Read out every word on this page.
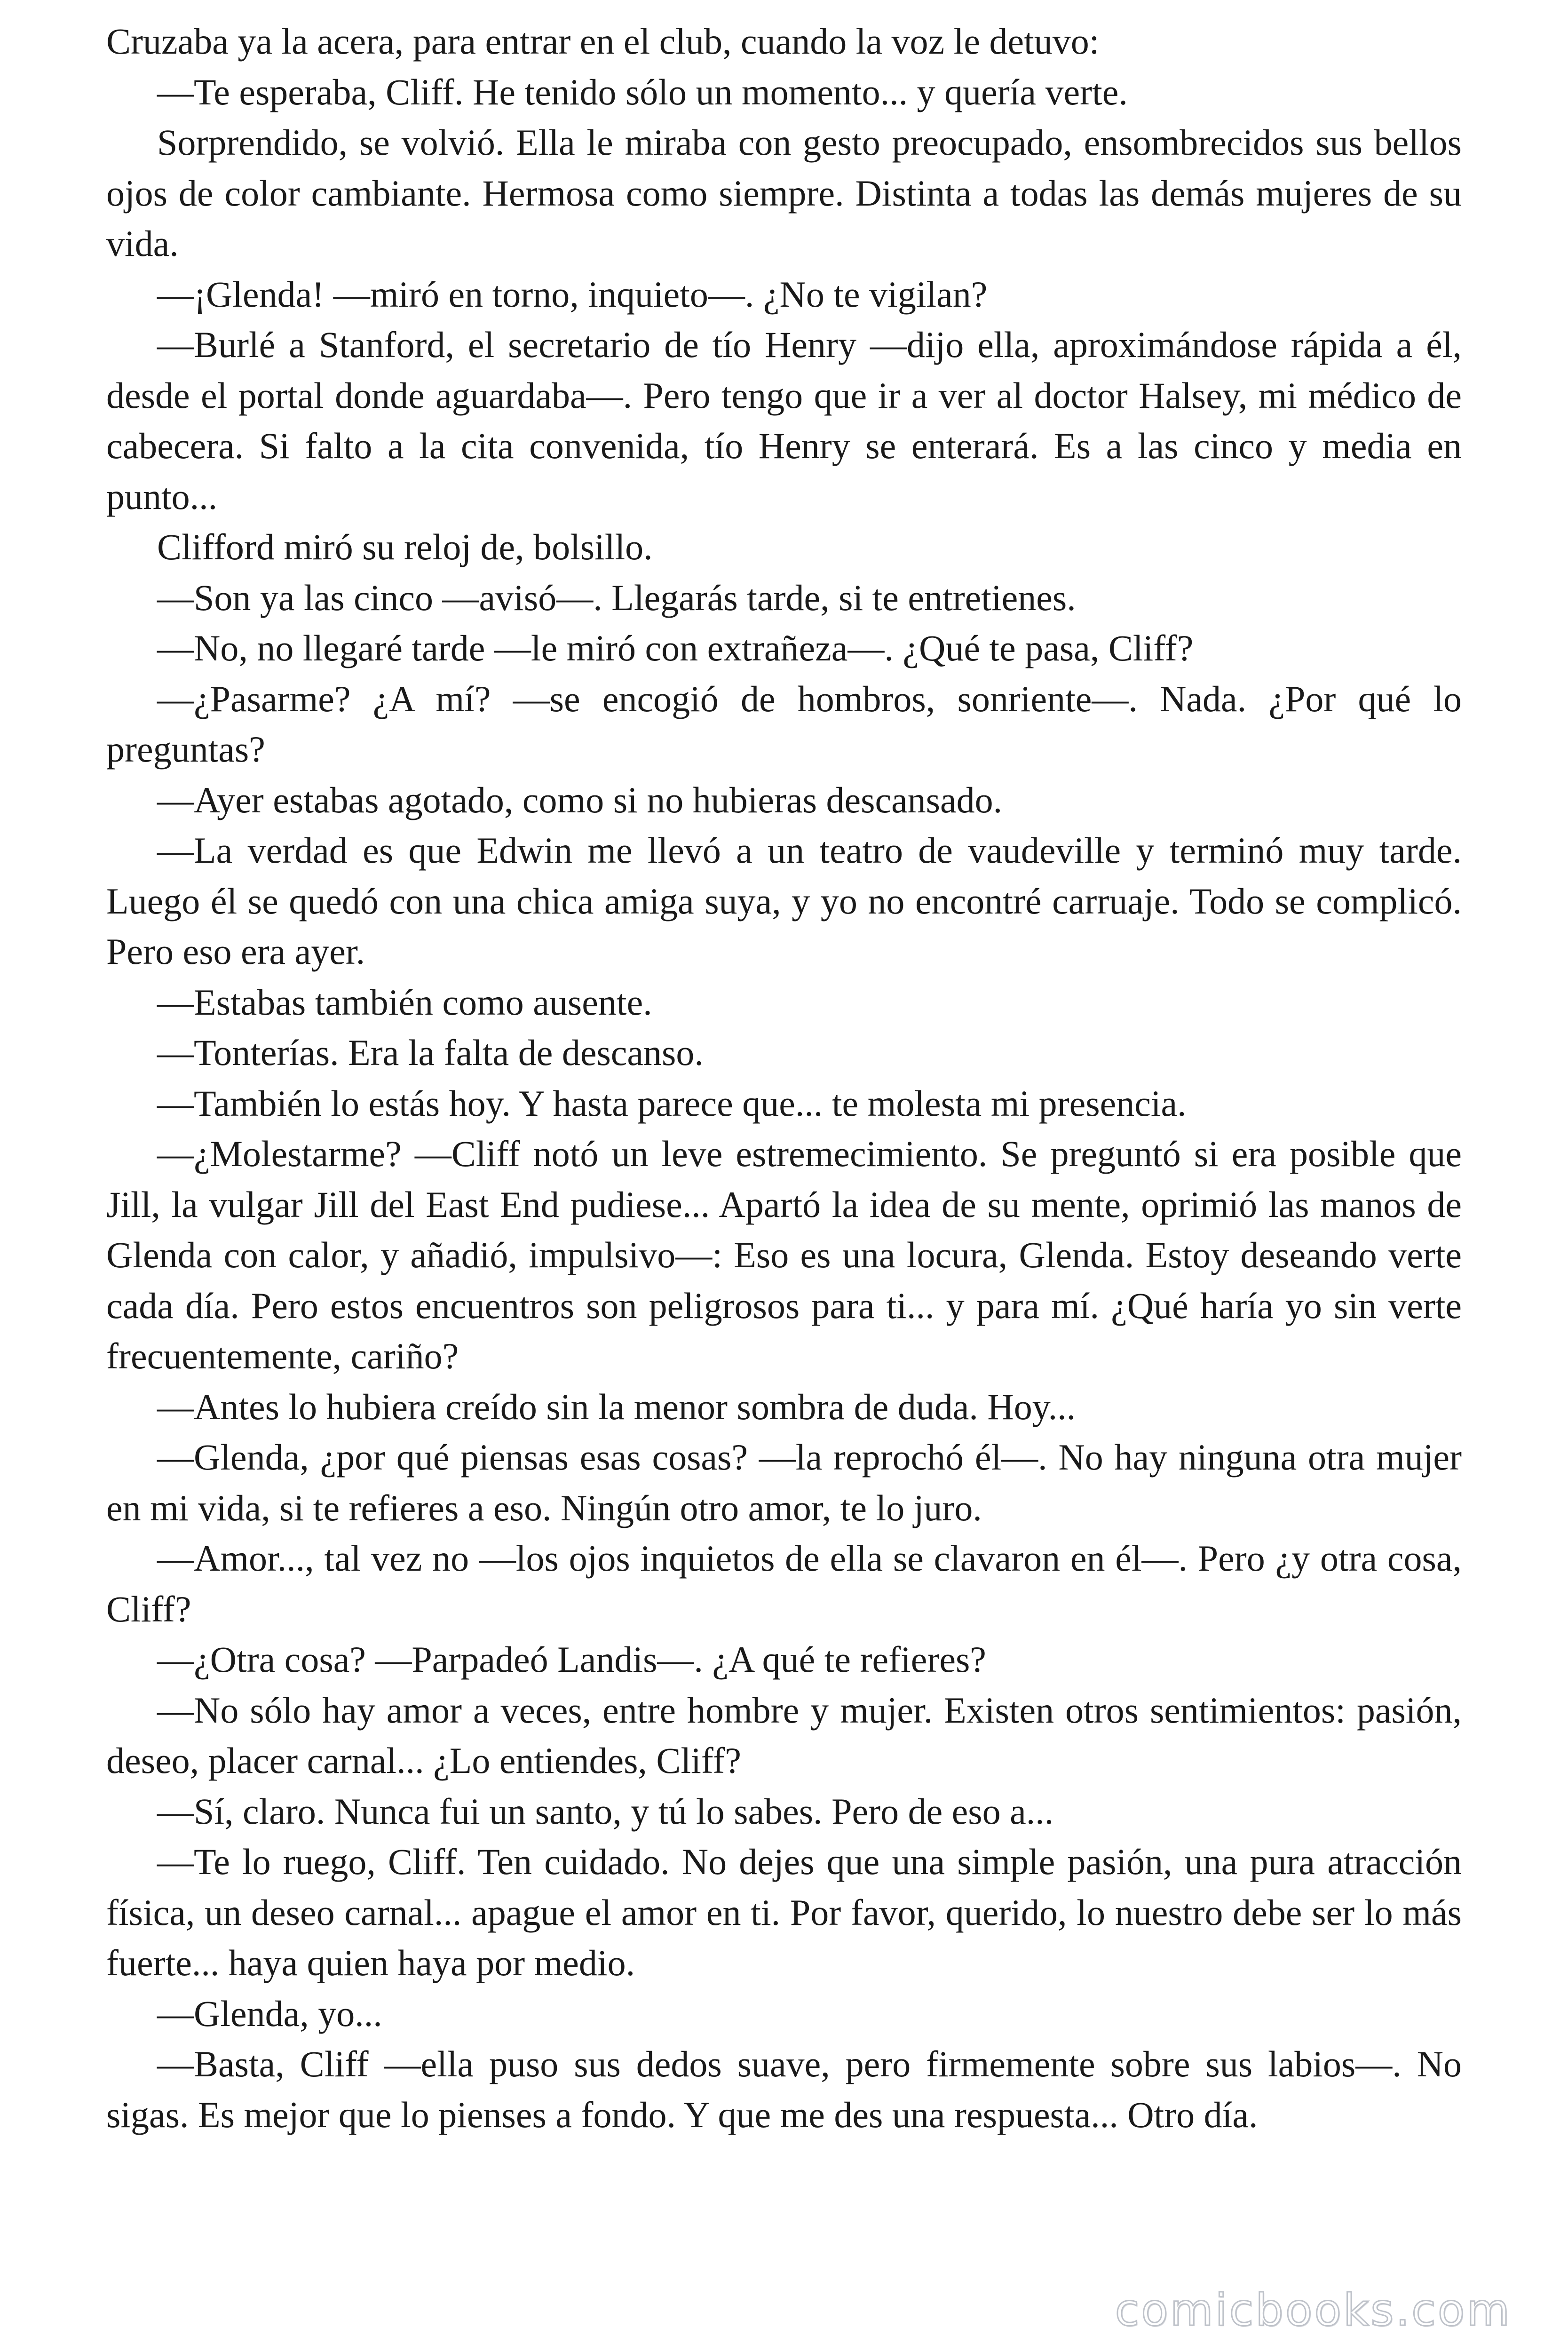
Cruzaba ya la acera, para entrar en el club, cuando la voz le detuvo:

—Te esperaba, Cliff. He tenido sólo un momento... y quería verte.

Sorprendido, se volvió. Ella le miraba con gesto preocupado, ensombrecidos sus bellos ojos de color cambiante. Hermosa como siempre. Distinta a todas las demás mujeres de su vida.

—¡Glenda! —miró en torno, inquieto—. ¿No te vigilan?

—Burlé a Stanford, el secretario de tío Henry —dijo ella, aproximándose rápida a él, desde el portal donde aguardaba—. Pero tengo que ir a ver al doctor Halsey, mi médico de cabecera. Si falto a la cita convenida, tío Henry se enterará. Es a las cinco y media en punto...

Clifford miró su reloj de, bolsillo.

—Son ya las cinco —avisó—. Llegarás tarde, si te entretienes.

—No, no llegaré tarde —le miró con extrañeza—. ¿Qué te pasa, Cliff?

—¿Pasarme? ¿A mí? —se encogió de hombros, sonriente—. Nada. ¿Por qué lo preguntas?

—Ayer estabas agotado, como si no hubieras descansado.

—La verdad es que Edwin me llevó a un teatro de vaudeville y terminó muy tarde. Luego él se quedó con una chica amiga suya, y yo no encontré carruaje. Todo se complicó. Pero eso era ayer.

—Estabas también como ausente.

—Tonterías. Era la falta de descanso.

—También lo estás hoy. Y hasta parece que... te molesta mi presencia.

—¿Molestarme? —Cliff notó un leve estremecimiento. Se preguntó si era posible que Jill, la vulgar Jill del East End pudiese... Apartó la idea de su mente, oprimió las manos de Glenda con calor, y añadió, impulsivo—: Eso es una locura, Glenda. Estoy deseando verte cada día. Pero estos encuentros son peligrosos para ti... y para mí. ¿Qué haría yo sin verte frecuentemente, cariño?

—Antes lo hubiera creído sin la menor sombra de duda. Hoy...

—Glenda, ¿por qué piensas esas cosas? —la reprochó él—. No hay ninguna otra mujer en mi vida, si te refieres a eso. Ningún otro amor, te lo juro.

—Amor..., tal vez no —los ojos inquietos de ella se clavaron en él—. Pero ¿y otra cosa, Cliff?

—¿Otra cosa? —Parpadeó Landis—. ¿A qué te refieres?

—No sólo hay amor a veces, entre hombre y mujer. Existen otros sentimientos: pasión, deseo, placer carnal... ¿Lo entiendes, Cliff?

—Sí, claro. Nunca fui un santo, y tú lo sabes. Pero de eso a...

—Te lo ruego, Cliff. Ten cuidado. No dejes que una simple pasión, una pura atracción física, un deseo carnal... apague el amor en ti. Por favor, querido, lo nuestro debe ser lo más fuerte... haya quien haya por medio.

—Glenda, yo...

—Basta, Cliff —ella puso sus dedos suave, pero firmemente sobre sus labios—. No sigas. Es mejor que lo pienses a fondo. Y que me des una respuesta... Otro día.

comicbooks.com
